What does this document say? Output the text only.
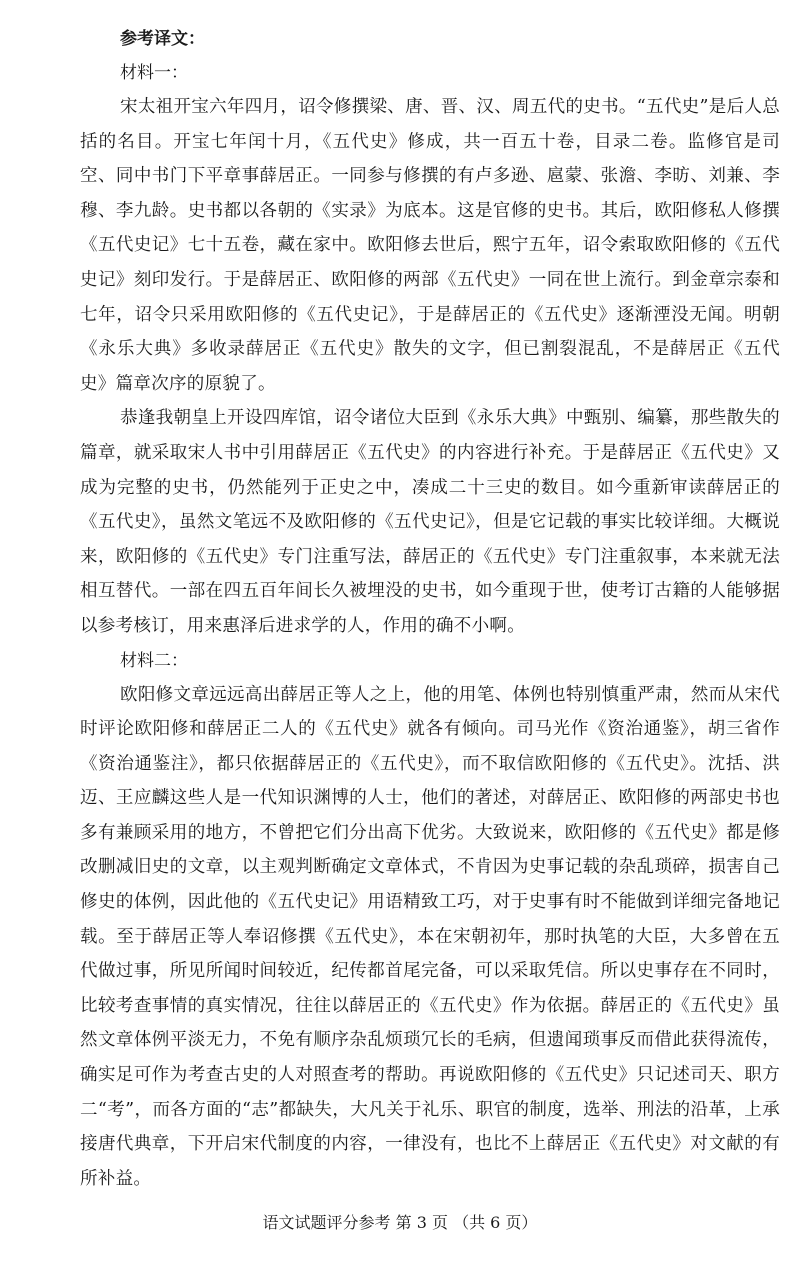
参考译文：

材料一：

宋太祖开宝六年四月，诏令修撰梁、唐、晋、汉、周五代的史书。“五代史”是后人总括的名目。开宝七年闰十月，《五代史》修成，共一百五十卷，目录二卷。监修官是司空、同中书门下平章事薛居正。一同参与修撰的有卢多逊、扈蒙、张澹、李昉、刘兼、李穆、李九龄。史书都以各朝的《实录》为底本。这是官修的史书。其后，欧阳修私人修撰《五代史记》七十五卷，藏在家中。欧阳修去世后，熙宁五年，诏令索取欧阳修的《五代史记》刻印发行。于是薛居正、欧阳修的两部《五代史》一同在世上流行。到金章宗泰和七年，诏令只采用欧阳修的《五代史记》，于是薛居正的《五代史》逐渐湮没无闻。明朝《永乐大典》多收录薛居正《五代史》散失的文字，但已割裂混乱，不是薛居正《五代史》篇章次序的原貌了。

恭逢我朝皇上开设四库馆，诏令诸位大臣到《永乐大典》中甄别、编纂，那些散失的篇章，就采取宋人书中引用薛居正《五代史》的内容进行补充。于是薛居正《五代史》又成为完整的史书，仍然能列于正史之中，凑成二十三史的数目。如今重新审读薛居正的《五代史》，虽然文笔远不及欧阳修的《五代史记》，但是它记载的事实比较详细。大概说来，欧阳修的《五代史》专门注重写法，薛居正的《五代史》专门注重叙事，本来就无法相互替代。一部在四五百年间长久被埋没的史书，如今重现于世，使考订古籍的人能够据以参考核订，用来惠泽后进求学的人，作用的确不小啊。

材料二：

欧阳修文章远远高出薛居正等人之上，他的用笔、体例也特别慎重严肃，然而从宋代时评论欧阳修和薛居正二人的《五代史》就各有倾向。司马光作《资治通鉴》，胡三省作《资治通鉴注》，都只依据薛居正的《五代史》，而不取信欧阳修的《五代史》。沈括、洪迈、王应麟这些人是一代知识渊博的人士，他们的著述，对薛居正、欧阳修的两部史书也多有兼顾采用的地方，不曾把它们分出高下优劣。大致说来，欧阳修的《五代史》都是修改删减旧史的文章，以主观判断确定文章体式，不肯因为史事记载的杂乱琐碎，损害自己修史的体例，因此他的《五代史记》用语精致工巧，对于史事有时不能做到详细完备地记载。至于薛居正等人奉诏修撰《五代史》，本在宋朝初年，那时执笔的大臣，大多曾在五代做过事，所见所闻时间较近，纪传都首尾完备，可以采取凭信。所以史事存在不同时，比较考查事情的真实情况，往往以薛居正的《五代史》作为依据。薛居正的《五代史》虽然文章体例平淡无力，不免有顺序杂乱烦琐冗长的毛病，但遗闻琐事反而借此获得流传，确实足可作为考查古史的人对照查考的帮助。再说欧阳修的《五代史》只记述司天、职方二“考”，而各方面的“志”都缺失，大凡关于礼乐、职官的制度，选举、刑法的沿革，上承接唐代典章，下开启宋代制度的内容，一律没有，也比不上薛居正《五代史》对文献的有所补益。

语文试题评分参考 第 3 页 （共 6 页）
